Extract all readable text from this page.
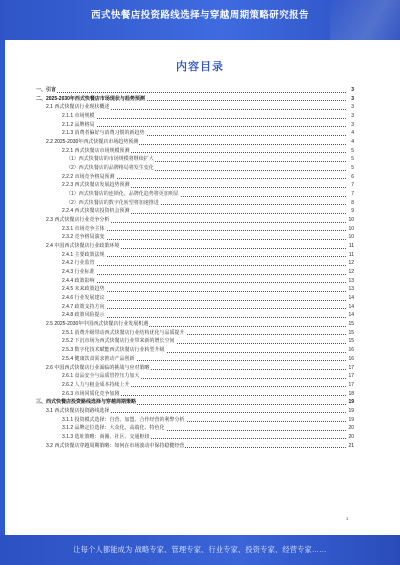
西式快餐店投资路线选择与穿越周期策略研究报告
内容目录
一、引言	3
二、2025-2030年西式快餐店市场现状与趋势预测	3
2.1 西式快餐店行业现状概述	3
2.1.1 市场规模	3
2.1.2 品牌格局	3
2.1.3 消费者偏好与消费习惯的新趋势	4
2.2 2025-2030年西式快餐店市场趋势预测	4
2.2.1 西式快餐店市场规模预测	5
（1）西式快餐店的市场规模将继续扩大	5
（2）西式快餐店的品牌格局将发生变化	5
2.2.2 市场竞争格局预测	6
2.2.3 西式快餐店发展趋势预测	7
（1）西式快餐店的连锁化、品牌化趋势将更加明显	7
（2）西式快餐店的数字化转型将加速推进	8
2.2.4 西式快餐店投资机会预测	9
2.3 西式快餐店行业竞争分析	10
2.3.1 市场竞争主体	10
2.3.2 竞争格局演变	10
2.4 中国西式快餐店行业政策环境	11
2.4.1 主要政策法规	11
2.4.2 行业监管	12
2.4.3 行业标准	12
2.4.4 政策影响	13
2.4.5 未来政策趋势	13
2.4.6 行业发展建议	14
2.4.7 政策支持方向	14
2.4.8 政策风险提示	14
2.5 2025-2030年中国西式快餐店行业发展机遇	15
2.5.1 消费升级带动西式快餐店行业结构优化与品质提升	15
2.5.2 下沉市场为西式快餐店行业带来新的增长空间	15
2.5.3 数字化技术赋能西式快餐店行业转型升级	16
2.5.4 健康饮食需求推动产品创新	16
2.6 中国西式快餐店行业面临的挑战与应对策略	17
2.6.1 食品安全与品质管控压力加大	17
2.6.2 人力与租金成本持续上升	17
2.6.3 市场同质化竞争加剧	18
三、西式快餐店投资路线选择与穿越周期策略	19
3.1 西式快餐店投资路线选择	19
3.1.1 投资模式选择：自营、加盟、合作经营的利弊分析	19
3.1.2 品牌定位选择：大众化、高端化、特色化	20
3.1.3 选址策略：商圈、社区、交通枢纽	20
3.2 西式快餐店穿越周期策略：如何在市场波动中保持稳健经营	21
1
让每个人都能成为 战略专家、管理专家、行业专家、投资专家、经营专家……
